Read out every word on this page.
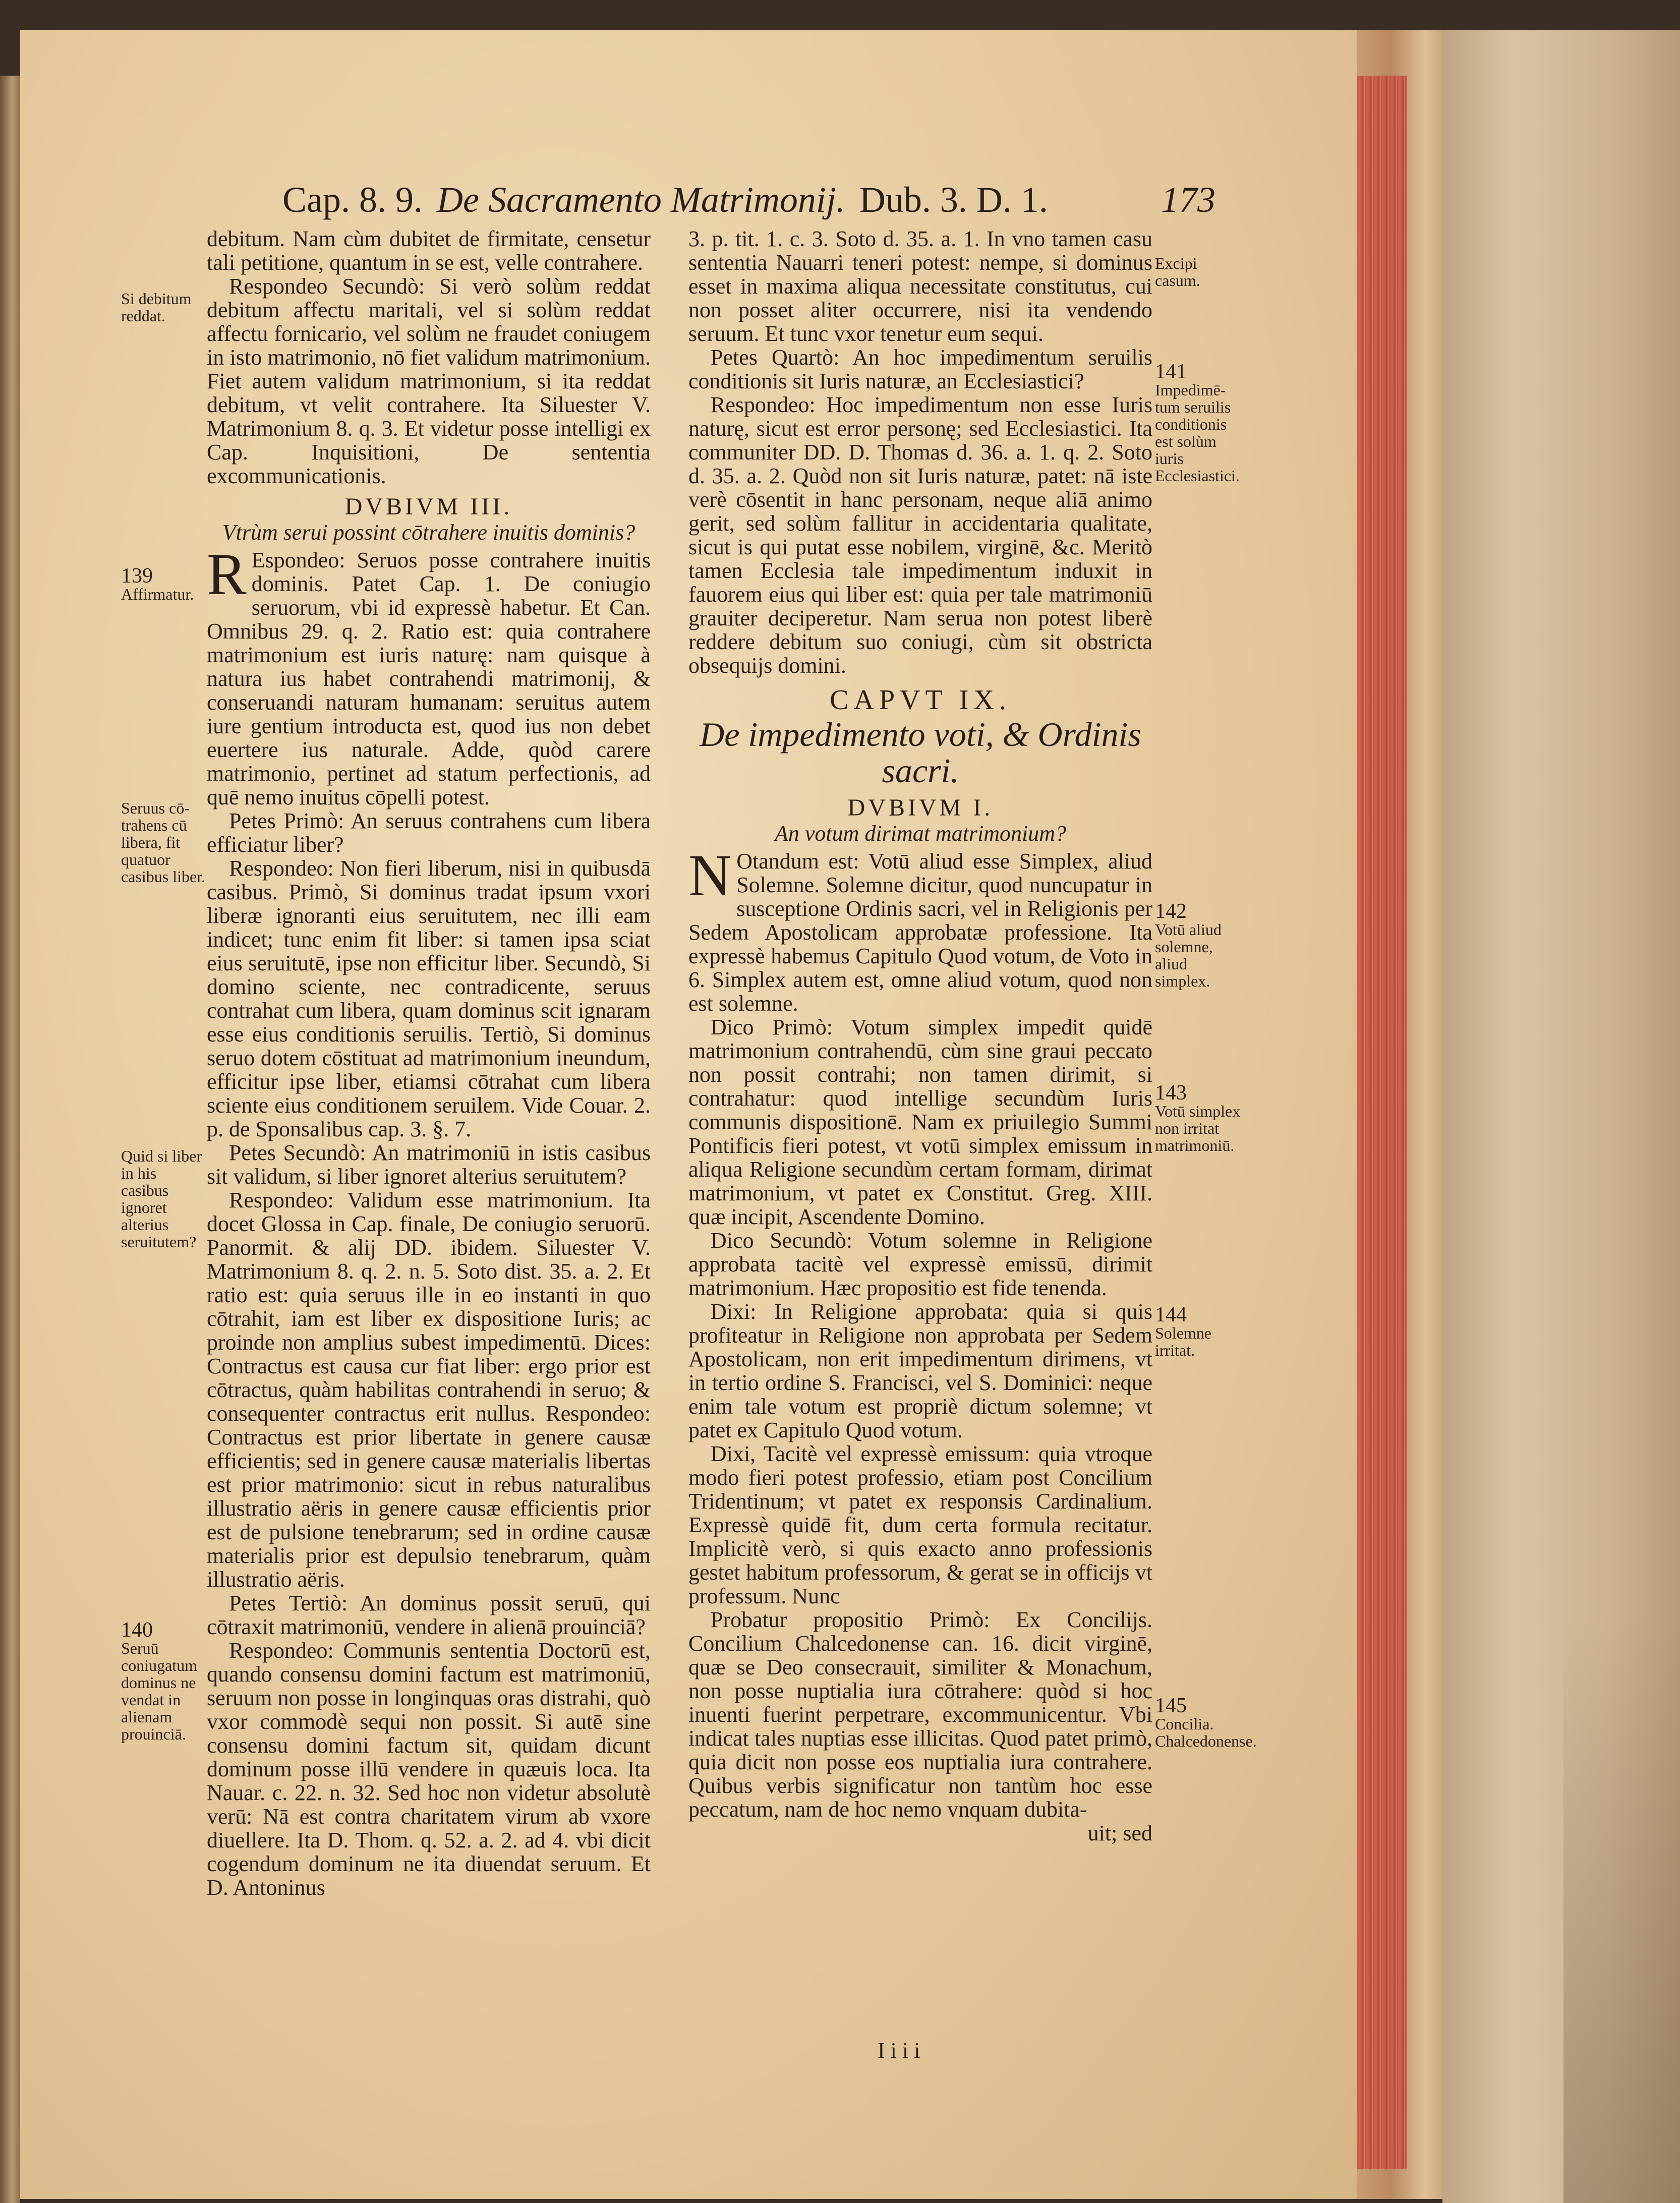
Cap. 8. 9. De Sacramento Matrimonij. Dub. 3. D. 1.	173
Si debitum reddat.
139
Affirmatur.
Seruus cō-trahens cū libera, fit quatuor casibus liber.
Quid si liber in his casibus ignoret alterius seruitutem?
140
Seruū coniugatum dominus ne vendat in alienam prouinciā.
Excipi casum.
141
Impedimē-tum seruilis conditionis est solùm iuris Ecclesiastici.
142
Votū aliud solemne, aliud simplex.
143
Votū simplex non irritat matrimoniū.
144
Solemne irritat.
145
Concilia. Chalcedonense.

debitum. Nam cùm dubitet de firmitate, censetur tali petitione, quantum in se est, velle contrahere.

Respondeo Secundò: Si verò solùm reddat debitum affectu maritali, vel si solùm reddat affectu fornicario, vel solùm ne fraudet coniugem in isto matrimonio, nō fiet validum matrimonium. Fiet autem validum matrimonium, si ita reddat debitum, vt velit contrahere. Ita Siluester V. Matrimonium 8. q. 3. Et videtur posse intelligi ex Cap. Inquisitioni, De sententia excommunicationis.

DVBIVM III.
Vtrùm serui possint cōtrahere inuitis dominis?

R Espondeo: Seruos posse contrahere inuitis dominis. Patet Cap. 1. De coniugio seruorum, vbi id expressè habetur. Et Can. Omnibus 29. q. 2. Ratio est: quia contrahere matrimonium est iuris naturę: nam quisque à natura ius habet contrahendi matrimonij, & conseruandi naturam humanam: seruitus autem iure gentium introducta est, quod ius non debet euertere ius naturale. Adde, quòd carere matrimonio, pertinet ad statum perfectionis, ad quē nemo inuitus cōpelli potest.

Petes Primò: An seruus contrahens cum libera efficiatur liber?

Respondeo: Non fieri liberum, nisi in quibusdā casibus. Primò, Si dominus tradat ipsum vxori liberæ ignoranti eius seruitutem, nec illi eam indicet; tunc enim fit liber: si tamen ipsa sciat eius seruitutē, ipse non efficitur liber. Secundò, Si domino sciente, nec contradicente, seruus contrahat cum libera, quam dominus scit ignaram esse eius conditionis seruilis. Tertiò, Si dominus seruo dotem cōstituat ad matrimonium ineundum, efficitur ipse liber, etiamsi cōtrahat cum libera sciente eius conditionem seruilem. Vide Couar. 2. p. de Sponsalibus cap. 3. §. 7.

Petes Secundò: An matrimoniū in istis casibus sit validum, si liber ignoret alterius seruitutem?

Respondeo: Validum esse matrimonium. Ita docet Glossa in Cap. finale, De coniugio seruorū. Panormit. & alij DD. ibidem. Siluester V. Matrimonium 8. q. 2. n. 5. Soto dist. 35. a. 2. Et ratio est: quia seruus ille in eo instanti in quo cōtrahit, iam est liber ex dispositione Iuris; ac proinde non amplius subest impedimentū. Dices: Contractus est causa cur fiat liber: ergo prior est cōtractus, quàm habilitas contrahendi in seruo; & consequenter contractus erit nullus. Respondeo: Contractus est prior libertate in genere causæ efficientis; sed in genere causæ materialis libertas est prior matrimonio: sicut in rebus naturalibus illustratio aëris in genere causæ efficientis prior est de pulsione tenebrarum; sed in ordine causæ materialis prior est depulsio tenebrarum, quàm illustratio aëris.

Petes Tertiò: An dominus possit seruū, qui cōtraxit matrimoniū, vendere in alienā prouinciā?

Respondeo: Communis sententia Doctorū est, quando consensu domini factum est matrimoniū, seruum non posse in longinquas oras distrahi, quò vxor commodè sequi non possit. Si autē sine consensu domini factum sit, quidam dicunt dominum posse illū vendere in quæuis loca. Ita Nauar. c. 22. n. 32. Sed hoc non videtur absolutè verū: Nā est contra charitatem virum ab vxore diuellere. Ita D. Thom. q. 52. a. 2. ad 4. vbi dicit cogendum dominum ne ita diuendat seruum. Et D. Antoninus

3. p. tit. 1. c. 3. Soto d. 35. a. 1. In vno tamen casu sententia Nauarri teneri potest: nempe, si dominus esset in maxima aliqua necessitate constitutus, cui non posset aliter occurrere, nisi ita vendendo seruum. Et tunc vxor tenetur eum sequi.

Petes Quartò: An hoc impedimentum seruilis conditionis sit Iuris naturæ, an Ecclesiastici?

Respondeo: Hoc impedimentum non esse Iuris naturę, sicut est error personę; sed Ecclesiastici. Ita communiter DD. D. Thomas d. 36. a. 1. q. 2. Soto d. 35. a. 2. Quòd non sit Iuris naturæ, patet: nā iste verè cōsentit in hanc personam, neque aliā animo gerit, sed solùm fallitur in accidentaria qualitate, sicut is qui putat esse nobilem, virginē, &c. Meritò tamen Ecclesia tale impedimentum induxit in fauorem eius qui liber est: quia per tale matrimoniū grauiter deciperetur. Nam serua non potest liberè reddere debitum suo coniugi, cùm sit obstricta obsequijs domini.

CAPVT IX.
De impedimento voti, & Ordinis sacri.
DVBIVM I.
An votum dirimat matrimonium?

N Otandum est: Votū aliud esse Simplex, aliud Solemne. Solemne dicitur, quod nuncupatur in susceptione Ordinis sacri, vel in Religionis per Sedem Apostolicam approbatæ professione. Ita expressè habemus Capitulo Quod votum, de Voto in 6. Simplex autem est, omne aliud votum, quod non est solemne.

Dico Primò: Votum simplex impedit quidē matrimonium contrahendū, cùm sine graui peccato non possit contrahi; non tamen dirimit, si contrahatur: quod intellige secundùm Iuris communis dispositionē. Nam ex priuilegio Summi Pontificis fieri potest, vt votū simplex emissum in aliqua Religione secundùm certam formam, dirimat matrimonium, vt patet ex Constitut. Greg. XIII. quæ incipit, Ascendente Domino.

Dico Secundò: Votum solemne in Religione approbata tacitè vel expressè emissū, dirimit matrimonium. Hæc propositio est fide tenenda.

Dixi: In Religione approbata: quia si quis profiteatur in Religione non approbata per Sedem Apostolicam, non erit impedimentum dirimens, vt in tertio ordine S. Francisci, vel S. Dominici: neque enim tale votum est propriè dictum solemne; vt patet ex Capitulo Quod votum.

Dixi, Tacitè vel expressè emissum: quia vtroque modo fieri potest professio, etiam post Concilium Tridentinum; vt patet ex responsis Cardinalium. Expressè quidē fit, dum certa formula recitatur. Implicitè verò, si quis exacto anno professionis gestet habitum professorum, & gerat se in officijs vt professum. Nunc

Probatur propositio Primò: Ex Concilijs. Concilium Chalcedonense can. 16. dicit virginē, quæ se Deo consecrauit, similiter & Monachum, non posse nuptialia iura cōtrahere: quòd si hoc inuenti fuerint perpetrare, excommunicentur. Vbi indicat tales nuptias esse illicitas. Quod patet primò, quia dicit non posse eos nuptialia iura contrahere. Quibus verbis significatur non tantùm hoc esse peccatum, nam de hoc nemo vnquam dubita-

uit; sed

I i i i
